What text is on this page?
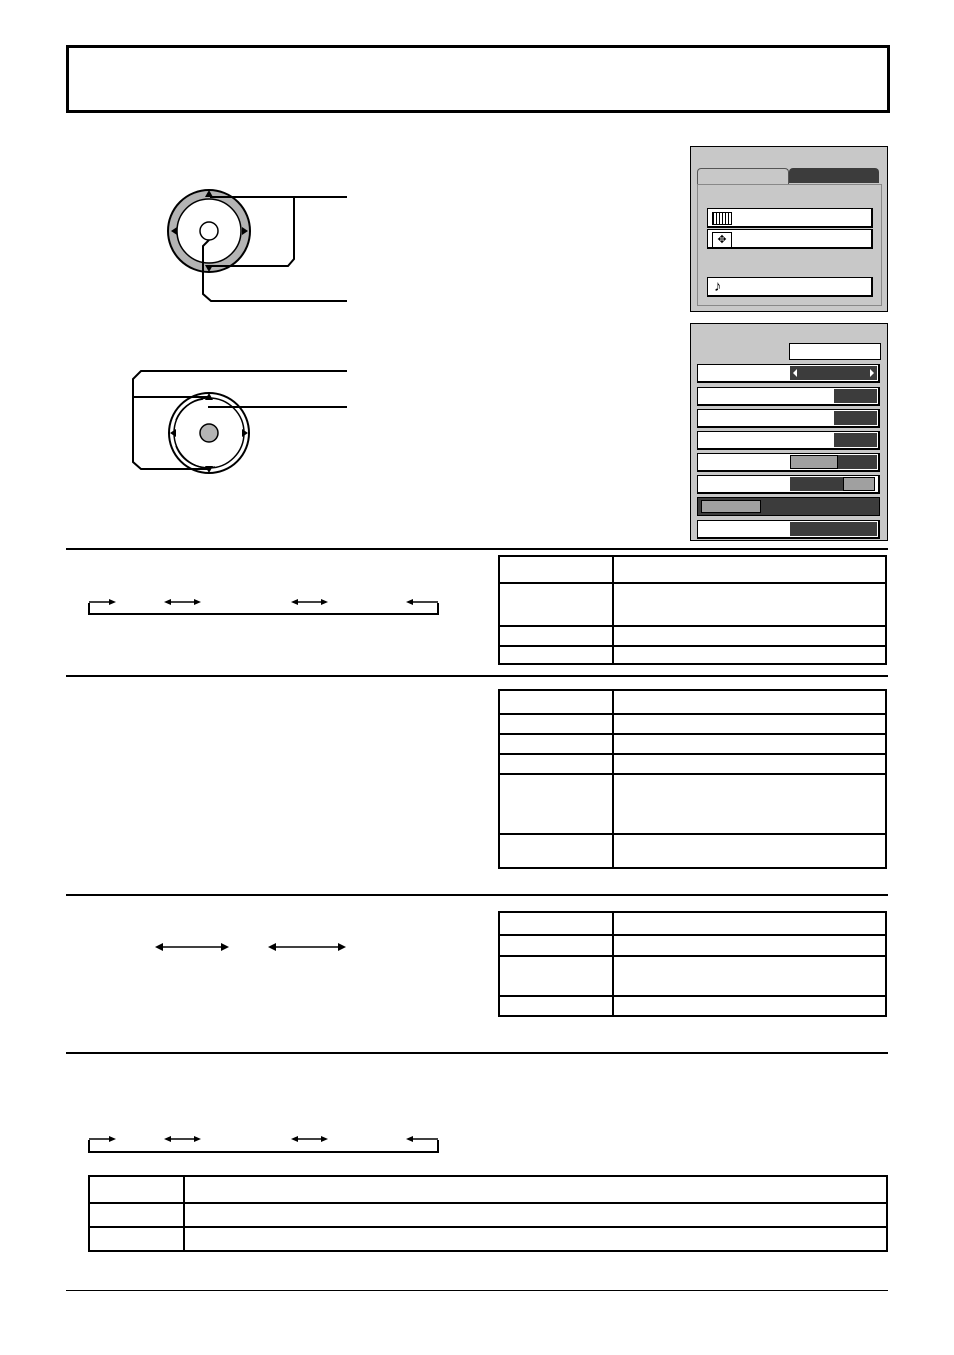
✥
♪
